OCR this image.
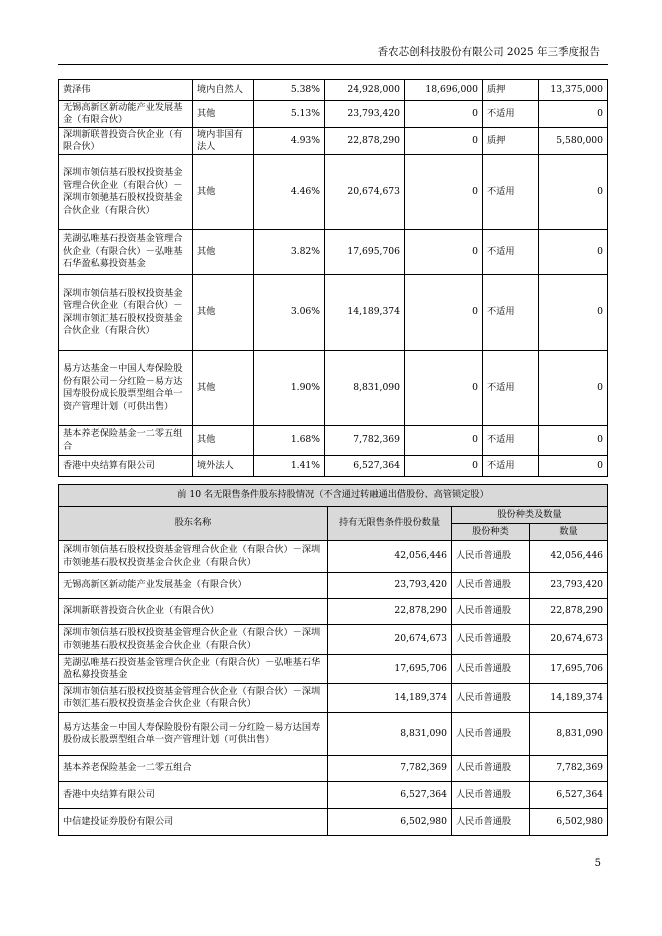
香农芯创科技股份有限公司 2025 年三季度报告
黄泽伟	境内自然人	5.38%	24,928,000	18,696,000	质押	13,375,000
无锡高新区新动能产业发展基金（有限合伙）	其他	5.13%	23,793,420	0	不适用	0
深圳新联普投资合伙企业（有限合伙）	境内非国有法人	4.93%	22,878,290	0	质押	5,580,000
深圳市领信基石股权投资基金管理合伙企业（有限合伙）－深圳市领驰基石股权投资基金合伙企业（有限合伙）	其他	4.46%	20,674,673	0	不适用	0
芜湖弘唯基石投资基金管理合伙企业（有限合伙）－弘唯基石华盈私募投资基金	其他	3.82%	17,695,706	0	不适用	0
深圳市领信基石股权投资基金管理合伙企业（有限合伙）－深圳市领汇基石股权投资基金合伙企业（有限合伙）	其他	3.06%	14,189,374	0	不适用	0
易方达基金－中国人寿保险股份有限公司－分红险－易方达国寿股份成长股票型组合单一资产管理计划（可供出售）	其他	1.90%	8,831,090	0	不适用	0
基本养老保险基金一二零五组合	其他	1.68%	7,782,369	0	不适用	0
香港中央结算有限公司	境外法人	1.41%	6,527,364	0	不适用	0
前 10 名无限售条件股东持股情况（不含通过转融通出借股份、高管锁定股）			
股东名称	持有无限售条件股份数量	股份种类及数量	
		股份种类	数量
深圳市领信基石股权投资基金管理合伙企业（有限合伙）－深圳市领驰基石股权投资基金合伙企业（有限合伙）	42,056,446	人民币普通股	42,056,446
无锡高新区新动能产业发展基金（有限合伙）	23,793,420	人民币普通股	23,793,420
深圳新联普投资合伙企业（有限合伙）	22,878,290	人民币普通股	22,878,290
深圳市领信基石股权投资基金管理合伙企业（有限合伙）－深圳市领驰基石股权投资基金合伙企业（有限合伙）	20,674,673	人民币普通股	20,674,673
芜湖弘唯基石投资基金管理合伙企业（有限合伙）－弘唯基石华盈私募投资基金	17,695,706	人民币普通股	17,695,706
深圳市领信基石股权投资基金管理合伙企业（有限合伙）－深圳市领汇基石股权投资基金合伙企业（有限合伙）	14,189,374	人民币普通股	14,189,374
易方达基金－中国人寿保险股份有限公司－分红险－易方达国寿股份成长股票型组合单一资产管理计划（可供出售）	8,831,090	人民币普通股	8,831,090
基本养老保险基金一二零五组合	7,782,369	人民币普通股	7,782,369
香港中央结算有限公司	6,527,364	人民币普通股	6,527,364
中信建投证券股份有限公司	6,502,980	人民币普通股	6,502,980
5
